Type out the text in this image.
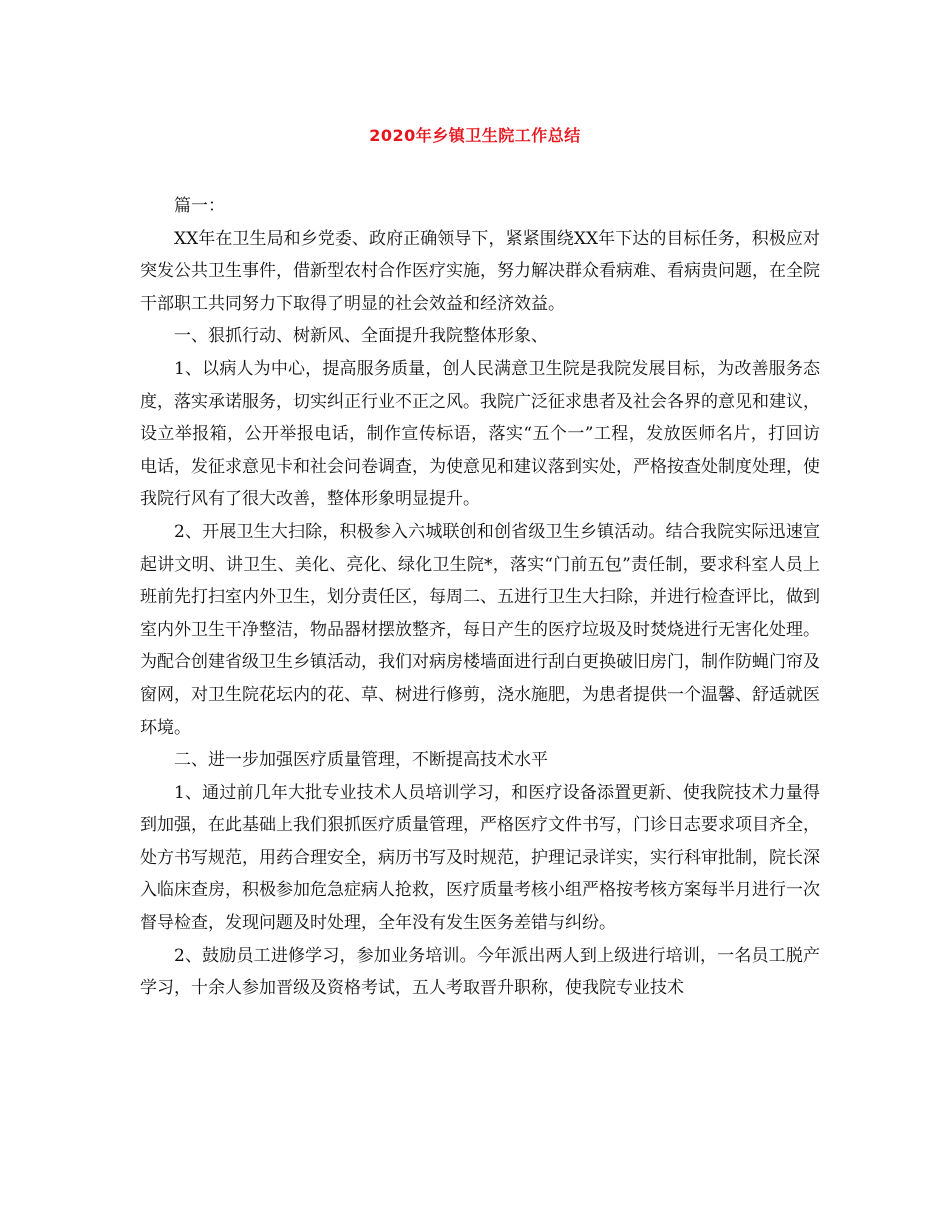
2020年乡镇卫生院工作总结

篇一：

XX年在卫生局和乡党委、政府正确领导下，紧紧围绕XX年下达的目标任务，积极应对突发公共卫生事件，借新型农村合作医疗实施，努力解决群众看病难、看病贵问题，在全院干部职工共同努力下取得了明显的社会效益和经济效益。

一、狠抓行动、树新风、全面提升我院整体形象、

1、以病人为中心，提高服务质量，创人民满意卫生院是我院发展目标，为改善服务态度，落实承诺服务，切实纠正行业不正之风。我院广泛征求患者及社会各界的意见和建议，设立举报箱，公开举报电话，制作宣传标语，落实“五个一”工程，发放医师名片，打回访电话，发征求意见卡和社会问卷调查，为使意见和建议落到实处，严格按查处制度处理，使我院行风有了很大改善，整体形象明显提升。

2、开展卫生大扫除，积极参入六城联创和创省级卫生乡镇活动。结合我院实际迅速宣起讲文明、讲卫生、美化、亮化、绿化卫生院*，落实“门前五包”责任制，要求科室人员上班前先打扫室内外卫生，划分责任区，每周二、五进行卫生大扫除，并进行检查评比，做到室内外卫生干净整洁，物品器材摆放整齐，每日产生的医疗垃圾及时焚烧进行无害化处理。为配合创建省级卫生乡镇活动，我们对病房楼墙面进行刮白更换破旧房门，制作防蝇门帘及窗网，对卫生院花坛内的花、草、树进行修剪，浇水施肥，为患者提供一个温馨、舒适就医环境。

二、进一步加强医疗质量管理，不断提高技术水平

1、通过前几年大批专业技术人员培训学习，和医疗设备添置更新、使我院技术力量得到加强，在此基础上我们狠抓医疗质量管理，严格医疗文件书写，门诊日志要求项目齐全，处方书写规范，用药合理安全，病历书写及时规范，护理记录详实，实行科审批制，院长深入临床查房，积极参加危急症病人抢救，医疗质量考核小组严格按考核方案每半月进行一次督导检查，发现问题及时处理，全年没有发生医务差错与纠纷。

2、鼓励员工进修学习，参加业务培训。今年派出两人到上级进行培训，一名员工脱产学习，十余人参加晋级及资格考试，五人考取晋升职称，使我院专业技术
